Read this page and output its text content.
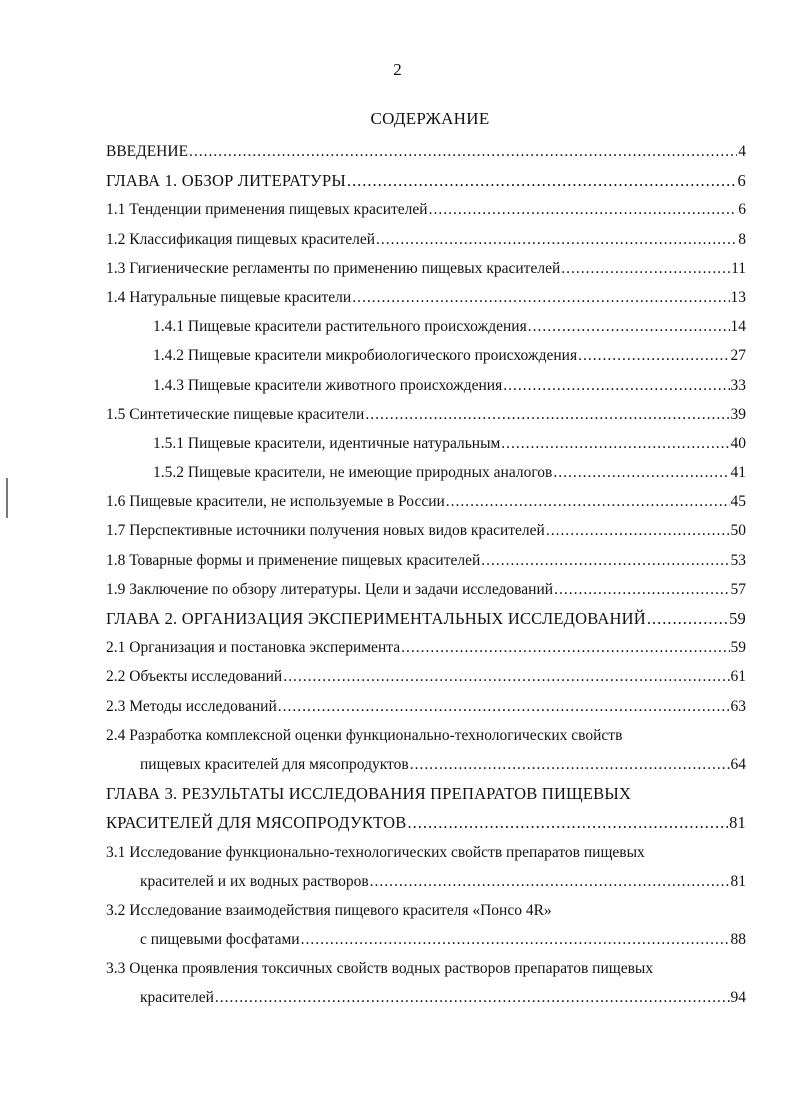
2
СОДЕРЖАНИЕ
ВВЕДЕНИЕ .....	4
ГЛАВА 1. ОБЗОР ЛИТЕРАТУРЫ .....	6
1.1 Тенденции применения пищевых красителей .....	6
1.2 Классификация пищевых красителей .....	8
1.3 Гигиенические регламенты по применению пищевых красителей .....	11
1.4 Натуральные пищевые красители .....	13
1.4.1 Пищевые красители растительного происхождения .....	14
1.4.2 Пищевые красители микробиологического происхождения .....	27
1.4.3 Пищевые красители животного происхождения .....	33
1.5 Синтетические пищевые красители .....	39
1.5.1 Пищевые красители, идентичные натуральным .....	40
1.5.2 Пищевые красители, не имеющие природных аналогов .....	41
1.6 Пищевые красители, не используемые в России .....	45
1.7 Перспективные источники получения новых видов красителей .....	50
1.8 Товарные формы и применение пищевых красителей .....	53
1.9 Заключение по обзору литературы. Цели и задачи исследований .....	57
ГЛАВА 2. ОРГАНИЗАЦИЯ ЭКСПЕРИМЕНТАЛЬНЫХ ИССЛЕДОВАНИЙ .....	59
2.1 Организация и постановка эксперимента .....	59
2.2 Объекты исследований .....	61
2.3 Методы исследований .....	63
2.4 Разработка комплексной оценки функционально-технологических свойств
пищевых красителей для мясопродуктов .....	64
ГЛАВА 3. РЕЗУЛЬТАТЫ ИССЛЕДОВАНИЯ ПРЕПАРАТОВ ПИЩЕВЫХ
КРАСИТЕЛЕЙ ДЛЯ МЯСОПРОДУКТОВ .....	81
3.1 Исследование функционально-технологических свойств препаратов пищевых
красителей и их водных растворов .....	81
3.2 Исследование взаимодействия пищевого красителя «Понсо 4R»
с пищевыми фосфатами .....	88
3.3 Оценка проявления токсичных свойств водных растворов препаратов пищевых
красителей .....	94
